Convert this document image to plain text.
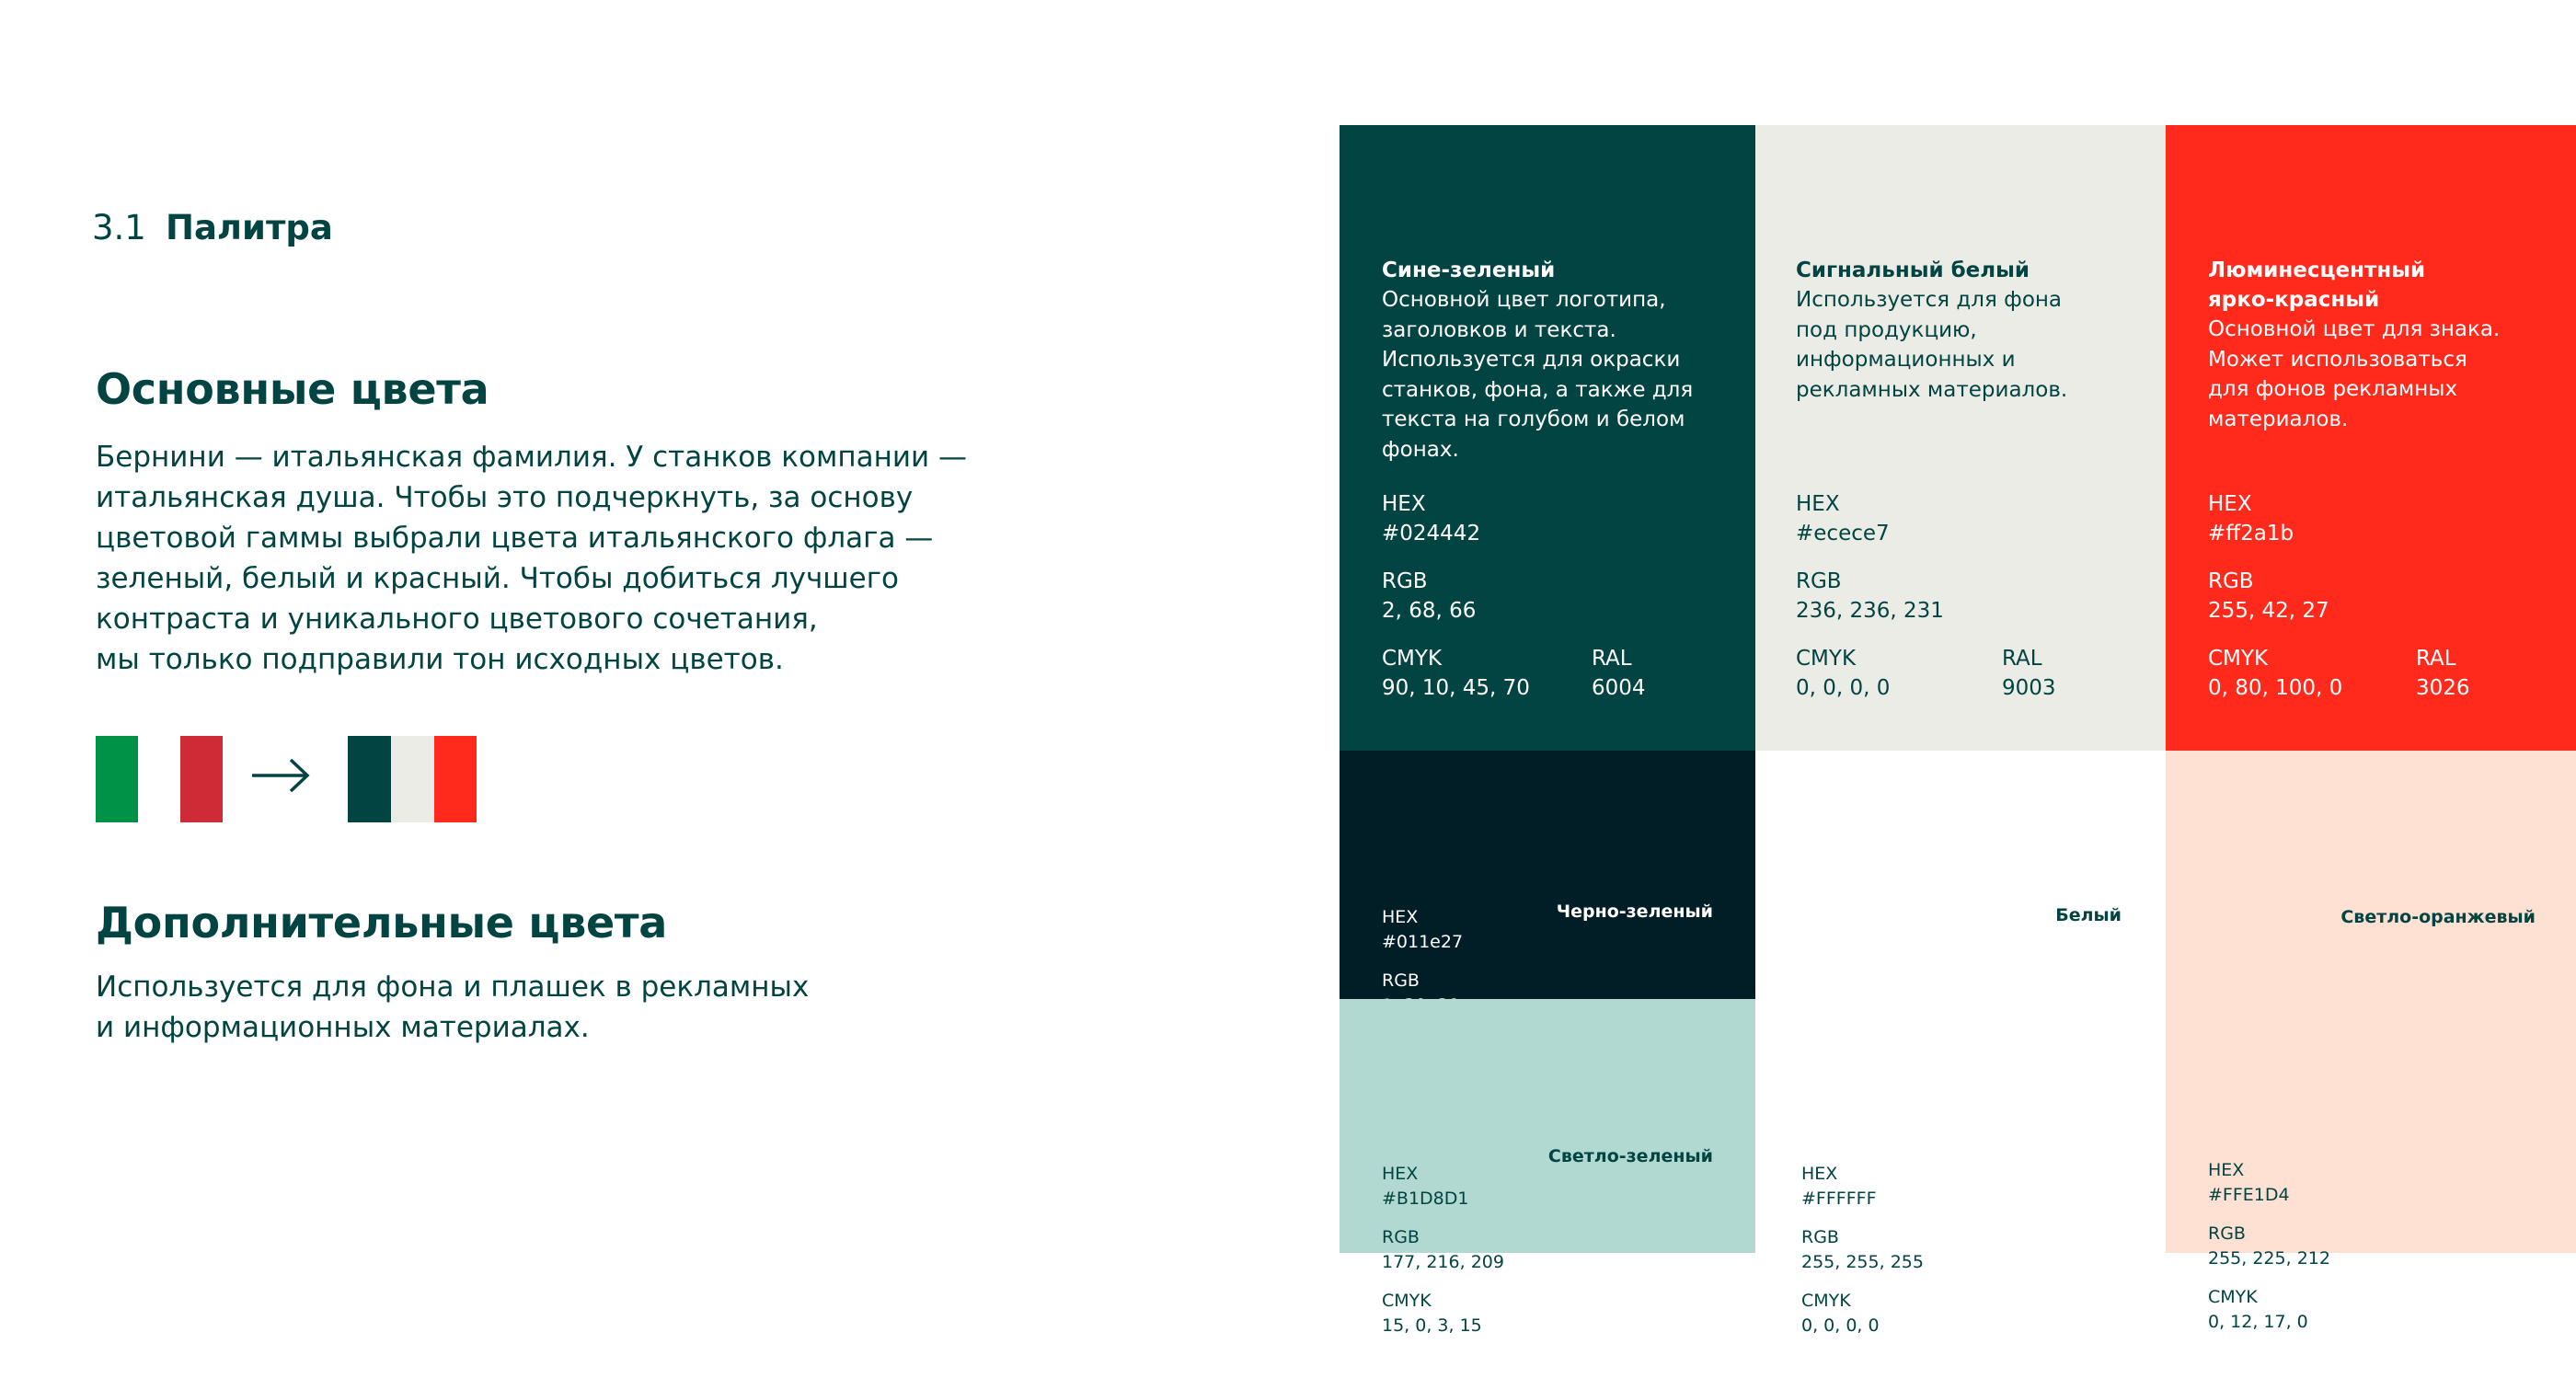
3.1 Палитра
Основные цвета
Бернини — итальянская фамилия. У станков компании —
итальянская душа. Чтобы это подчеркнуть, за основу
цветовой гаммы выбрали цвета итальянского флага —
зеленый, белый и красный. Чтобы добиться лучшего
контраста и уникального цветового сочетания,
мы только подправили тон исходных цветов.
Дополнительные цвета
Используется для фона и плашек в рекламных
и информационных материалах.
Сине-зеленый
Основной цвет логотипа,
заголовков и текста.
Используется для окраски
станков, фона, а также для
текста на голубом и белом
фонах.
HEX
#024442
RGB
2, 68, 66
CMYK
90, 10, 45, 70
RAL
6004
Сигнальный белый
Используется для фона
под продукцию,
информационных и
рекламных материалов.
HEX
#ecece7
RGB
236, 236, 231
CMYK
0, 0, 0, 0
RAL
9003
Люминесцентный
ярко-красный
Основной цвет для знака.
Может использоваться
для фонов рекламных
материалов.
HEX
#ff2a1b
RGB
255, 42, 27
CMYK
0, 80, 100, 0
RAL
3026
Черно-зеленый
HEX
#011e27
RGB
Белый	Светло-оранжевый
HEX
#FFE1D4
RGB
255, 225, 212
CMYK
0, 12, 17, 0
Светло-зеленый
HEX
#B1D8D1
RGB
177, 216, 209
CMYK
15, 0, 3, 15
HEX
#FFFFFF
RGB
255, 255, 255
CMYK
0, 0, 0, 0
